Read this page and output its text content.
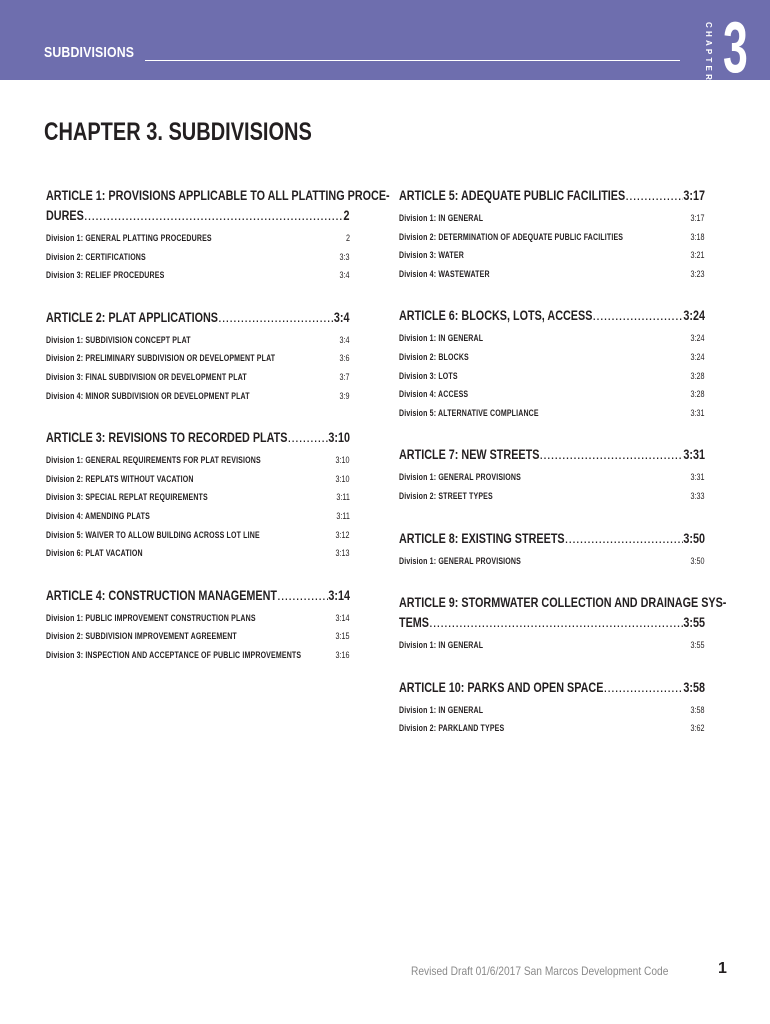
SUBDIVISIONS	CHAPTER 3
CHAPTER 3. SUBDIVISIONS
ARTICLE 1: PROVISIONS APPLICABLE TO ALL PLATTING PROCE-
DURES .....	2
Division 1: GENERAL PLATTING PROCEDURES	2
Division 2: CERTIFICATIONS	3:3
Division 3: RELIEF PROCEDURES	3:4
ARTICLE 2: PLAT APPLICATIONS .....	3:4
Division 1: SUBDIVISION CONCEPT PLAT	3:4
Division 2: PRELIMINARY SUBDIVISION OR DEVELOPMENT PLAT	3:6
Division 3: FINAL SUBDIVISION OR DEVELOPMENT PLAT	3:7
Division 4: MINOR SUBDIVISION OR DEVELOPMENT PLAT	3:9
ARTICLE 3: REVISIONS TO RECORDED PLATS .....	3:10
Division 1: GENERAL REQUIREMENTS FOR PLAT REVISIONS	3:10
Division 2: REPLATS WITHOUT VACATION	3:10
Division 3: SPECIAL REPLAT REQUIREMENTS	3:11
Division 4: AMENDING PLATS	3:11
Division 5: WAIVER TO ALLOW BUILDING ACROSS LOT LINE	3:12
Division 6: PLAT VACATION	3:13
ARTICLE 4: CONSTRUCTION MANAGEMENT .....	3:14
Division 1: PUBLIC IMPROVEMENT CONSTRUCTION PLANS	3:14
Division 2: SUBDIVISION IMPROVEMENT AGREEMENT	3:15
Division 3: INSPECTION AND ACCEPTANCE OF PUBLIC IMPROVEMENTS	3:16
ARTICLE 5: ADEQUATE PUBLIC FACILITIES .....	3:17
Division 1: IN GENERAL	3:17
Division 2: DETERMINATION OF ADEQUATE PUBLIC FACILITIES	3:18
Division 3: WATER	3:21
Division 4: WASTEWATER	3:23
ARTICLE 6: BLOCKS, LOTS, ACCESS .....	3:24
Division 1: IN GENERAL	3:24
Division 2: BLOCKS	3:24
Division 3: LOTS	3:28
Division 4: ACCESS	3:28
Division 5: ALTERNATIVE COMPLIANCE	3:31
ARTICLE 7: NEW STREETS .....	3:31
Division 1: GENERAL PROVISIONS	3:31
Division 2: STREET TYPES	3:33
ARTICLE 8: EXISTING STREETS .....	3:50
Division 1: GENERAL PROVISIONS	3:50
ARTICLE 9: STORMWATER COLLECTION AND DRAINAGE SYS-
TEMS .....	3:55
Division 1: IN GENERAL	3:55
ARTICLE 10: PARKS AND OPEN SPACE .....	3:58
Division 1: IN GENERAL	3:58
Division 2: PARKLAND TYPES	3:62
Revised Draft 01/6/2017 San Marcos Development Code	1
